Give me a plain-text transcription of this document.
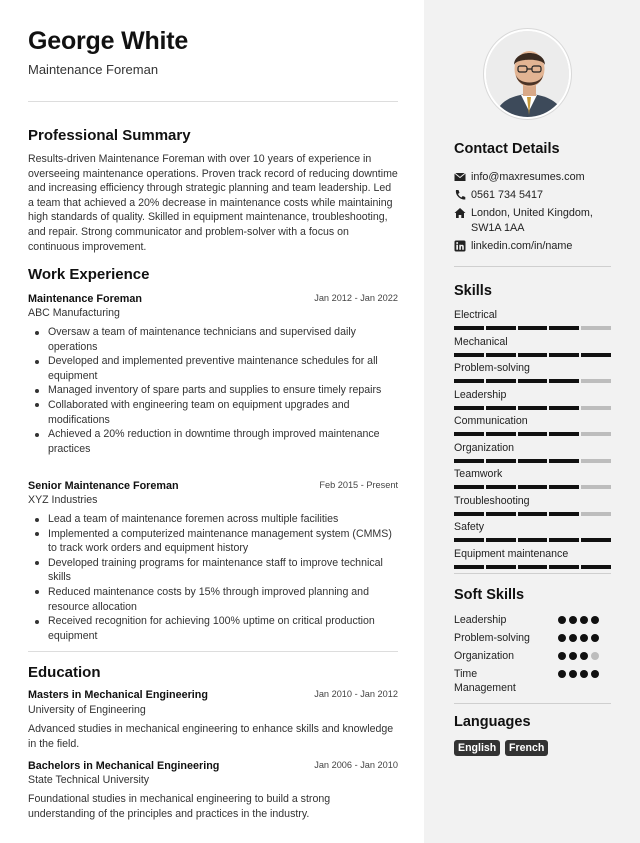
George White
Maintenance Foreman
Professional Summary
Results-driven Maintenance Foreman with over 10 years of experience in overseeing maintenance operations. Proven track record of reducing downtime and increasing efficiency through strategic planning and team leadership. Led a team that achieved a 20% decrease in maintenance costs while maintaining high standards of quality. Skilled in equipment maintenance, troubleshooting, and repair. Strong communicator and problem-solver with a focus on continuous improvement.
Work Experience
Maintenance Foreman	Jan 2012 - Jan 2022
ABC Manufacturing
Oversaw a team of maintenance technicians and supervised daily operations
Developed and implemented preventive maintenance schedules for all equipment
Managed inventory of spare parts and supplies to ensure timely repairs
Collaborated with engineering team on equipment upgrades and modifications
Achieved a 20% reduction in downtime through improved maintenance practices
Senior Maintenance Foreman	Feb 2015 - Present
XYZ Industries
Lead a team of maintenance foremen across multiple facilities
Implemented a computerized maintenance management system (CMMS) to track work orders and equipment history
Developed training programs for maintenance staff to improve technical skills
Reduced maintenance costs by 15% through improved planning and resource allocation
Received recognition for achieving 100% uptime on critical production equipment
Education
Masters in Mechanical Engineering	Jan 2010 - Jan 2012
University of Engineering
Advanced studies in mechanical engineering to enhance skills and knowledge in the field.
Bachelors in Mechanical Engineering	Jan 2006 - Jan 2010
State Technical University
Foundational studies in mechanical engineering to build a strong understanding of the principles and practices in the industry.
Contact Details
info@maxresumes.com
0561 734 5417
London, United Kingdom, SW1A 1AA
linkedin.com/in/name
Skills
Electrical
Mechanical
Problem-solving
Leadership
Communication
Organization
Teamwork
Troubleshooting
Safety
Equipment maintenance
Soft Skills
Leadership
Problem-solving
Organization
Time Management
Languages
English	French
